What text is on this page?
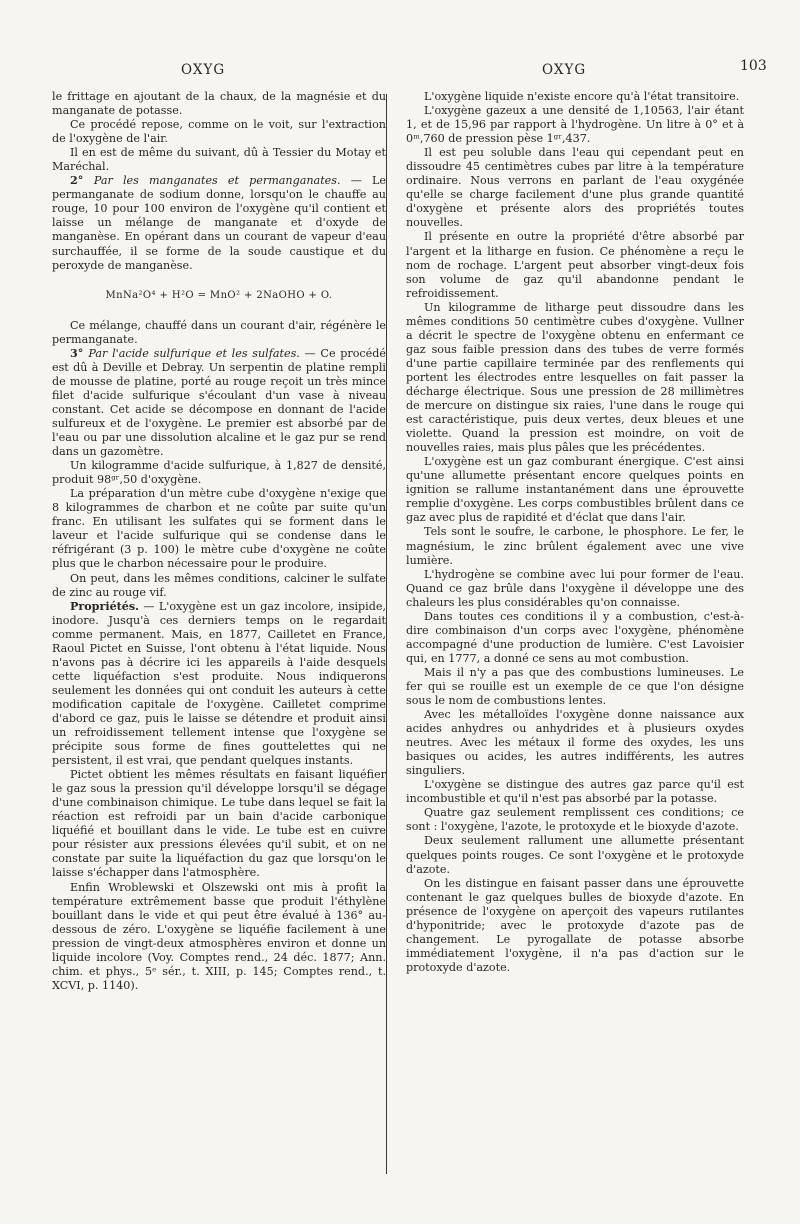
OXYG	OXYG	103

le frittage en ajoutant de la chaux, de la magnésie et du manganate de potasse.

Ce procédé repose, comme on le voit, sur l'extraction de l'oxygène de l'air.

Il en est de même du suivant, dû à Tessier du Motay et Maréchal.

2° Par les manganates et permanganates. — Le permanganate de sodium donne, lorsqu'on le chauffe au rouge, 10 pour 100 environ de l'oxygène qu'il contient et laisse un mélange de manganate et d'oxyde de manganèse. En opérant dans un courant de vapeur d'eau surchauffée, il se forme de la soude caustique et du peroxyde de manganèse.

MnNa²O⁴ + H²O = MnO² + 2NaOHO + O.

Ce mélange, chauffé dans un courant d'air, régénère le permanganate.

3° Par l'acide sulfurique et les sulfates. — Ce procédé est dû à Deville et Debray. Un serpentin de platine rempli de mousse de platine, porté au rouge reçoit un très mince filet d'acide sulfurique s'écoulant d'un vase à niveau constant. Cet acide se décompose en donnant de l'acide sulfureux et de l'oxygène. Le premier est absorbé par de l'eau ou par une dissolution alcaline et le gaz pur se rend dans un gazomètre.

Un kilogramme d'acide sulfurique, à 1,827 de densité, produit 98ᵍʳ,50 d'oxygène.

La préparation d'un mètre cube d'oxygène n'exige que 8 kilogrammes de charbon et ne coûte par suite qu'un franc. En utilisant les sulfates qui se forment dans le laveur et l'acide sulfurique qui se condense dans le réfrigérant (3 p. 100) le mètre cube d'oxygène ne coûte plus que le charbon nécessaire pour le produire.

On peut, dans les mêmes conditions, calciner le sulfate de zinc au rouge vif.

Propriétés. — L'oxygène est un gaz incolore, insipide, inodore. Jusqu'à ces derniers temps on le regardait comme permanent. Mais, en 1877, Cailletet en France, Raoul Pictet en Suisse, l'ont obtenu à l'état liquide. Nous n'avons pas à décrire ici les appareils à l'aide desquels cette liquéfaction s'est produite. Nous indiquerons seulement les données qui ont conduit les auteurs à cette modification capitale de l'oxygène. Cailletet comprime d'abord ce gaz, puis le laisse se détendre et produit ainsi un refroidissement tellement intense que l'oxygène se précipite sous forme de fines gouttelettes qui ne persistent, il est vrai, que pendant quelques instants.

Pictet obtient les mêmes résultats en faisant liquéfier le gaz sous la pression qu'il développe lorsqu'il se dégage d'une combinaison chimique. Le tube dans lequel se fait la réaction est refroidi par un bain d'acide carbonique liquéfié et bouillant dans le vide. Le tube est en cuivre pour résister aux pressions élevées qu'il subit, et on ne constate par suite la liquéfaction du gaz que lorsqu'on le laisse s'échapper dans l'atmosphère.

Enfin Wroblewski et Olszewski ont mis à profit la température extrêmement basse que produit l'éthylène bouillant dans le vide et qui peut être évalué à 136° au-dessous de zéro. L'oxygène se liquéfie facilement à une pression de vingt-deux atmosphères environ et donne un liquide incolore (Voy. Comptes rend., 24 déc. 1877; Ann. chim. et phys., 5ᵉ sér., t. XIII, p. 145; Comptes rend., t. XCVI, p. 1140).

L'oxygène liquide n'existe encore qu'à l'état transitoire.

L'oxygène gazeux a une densité de 1,10563, l'air étant 1, et de 15,96 par rapport à l'hydrogène. Un litre à 0° et à 0ᵐ,760 de pression pèse 1ᵍʳ,437.

Il est peu soluble dans l'eau qui cependant peut en dissoudre 45 centimètres cubes par litre à la température ordinaire. Nous verrons en parlant de l'eau oxygénée qu'elle se charge facilement d'une plus grande quantité d'oxygène et présente alors des propriétés toutes nouvelles.

Il présente en outre la propriété d'être absorbé par l'argent et la litharge en fusion. Ce phénomène a reçu le nom de rochage. L'argent peut absorber vingt-deux fois son volume de gaz qu'il abandonne pendant le refroidissement.

Un kilogramme de litharge peut dissoudre dans les mêmes conditions 50 centimètre cubes d'oxygène. Vullner a décrit le spectre de l'oxygène obtenu en enfermant ce gaz sous faible pression dans des tubes de verre formés d'une partie capillaire terminée par des renflements qui portent les électrodes entre lesquelles on fait passer la décharge électrique. Sous une pression de 28 millimètres de mercure on distingue six raies, l'une dans le rouge qui est caractéristique, puis deux vertes, deux bleues et une violette. Quand la pression est moindre, on voit de nouvelles raies, mais plus pâles que les précédentes.

L'oxygène est un gaz comburant énergique. C'est ainsi qu'une allumette présentant encore quelques points en ignition se rallume instantanément dans une éprouvette remplie d'oxygène. Les corps combustibles brûlent dans ce gaz avec plus de rapidité et d'éclat que dans l'air.

Tels sont le soufre, le carbone, le phosphore. Le fer, le magnésium, le zinc brûlent également avec une vive lumière.

L'hydrogène se combine avec lui pour former de l'eau. Quand ce gaz brûle dans l'oxygène il développe une des chaleurs les plus considérables qu'on connaisse.

Dans toutes ces conditions il y a combustion, c'est-à-dire combinaison d'un corps avec l'oxygène, phénomène accompagné d'une production de lumière. C'est Lavoisier qui, en 1777, a donné ce sens au mot combustion.

Mais il n'y a pas que des combustions lumineuses. Le fer qui se rouille est un exemple de ce que l'on désigne sous le nom de combustions lentes.

Avec les métalloïdes l'oxygène donne naissance aux acides anhydres ou anhydrides et à plusieurs oxydes neutres. Avec les métaux il forme des oxydes, les uns basiques ou acides, les autres indifférents, les autres singuliers.

L'oxygène se distingue des autres gaz parce qu'il est incombustible et qu'il n'est pas absorbé par la potasse.

Quatre gaz seulement remplissent ces conditions; ce sont : l'oxygène, l'azote, le protoxyde et le bioxyde d'azote.

Deux seulement rallument une allumette présentant quelques points rouges. Ce sont l'oxygène et le protoxyde d'azote.

On les distingue en faisant passer dans une éprouvette contenant le gaz quelques bulles de bioxyde d'azote. En présence de l'oxygène on aperçoit des vapeurs rutilantes d'hyponitride; avec le protoxyde d'azote pas de changement. Le pyrogallate de potasse absorbe immédiatement l'oxygène, il n'a pas d'action sur le protoxyde d'azote.
